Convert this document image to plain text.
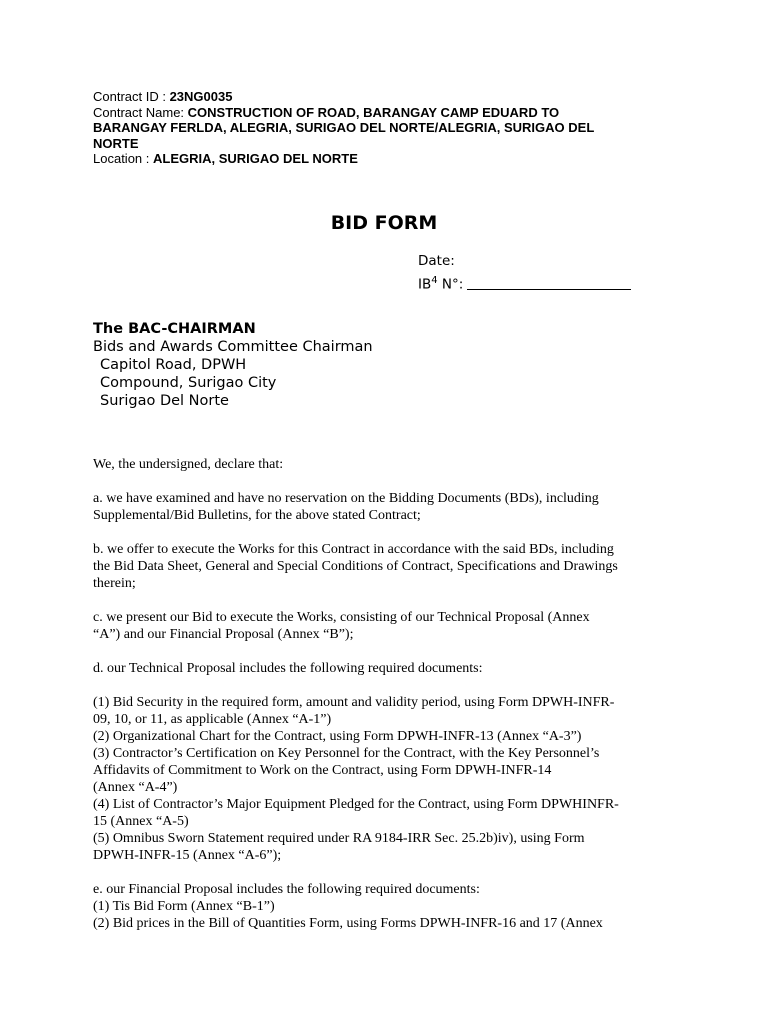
Contract ID : 23NG0035
Contract Name: CONSTRUCTION OF ROAD, BARANGAY CAMP EDUARD TO
BARANGAY FERLDA, ALEGRIA, SURIGAO DEL NORTE/ALEGRIA, SURIGAO DEL
NORTE
Location : ALEGRIA, SURIGAO DEL NORTE
BID FORM
Date:
$IB^4$ N°:
The BAC-CHAIRMAN
Bids and Awards Committee Chairman
Capitol Road, DPWH
Compound, Surigao City
Surigao Del Norte

We, the undersigned, declare that:

a. we have examined and have no reservation on the Bidding Documents (BDs), including
Supplemental/Bid Bulletins, for the above stated Contract;

b. we offer to execute the Works for this Contract in accordance with the said BDs, including
the Bid Data Sheet, General and Special Conditions of Contract, Specifications and Drawings
therein;

c. we present our Bid to execute the Works, consisting of our Technical Proposal (Annex
“A”) and our Financial Proposal (Annex “B”);

d. our Technical Proposal includes the following required documents:

(1) Bid Security in the required form, amount and validity period, using Form DPWH-INFR-
09, 10, or 11, as applicable (Annex “A-1”)
(2) Organizational Chart for the Contract, using Form DPWH-INFR-13 (Annex “A-3”)
(3) Contractor’s Certification on Key Personnel for the Contract, with the Key Personnel’s
Affidavits of Commitment to Work on the Contract, using Form DPWH-INFR-14
(Annex “A-4”)
(4) List of Contractor’s Major Equipment Pledged for the Contract, using Form DPWHINFR-
15 (Annex “A-5)
(5) Omnibus Sworn Statement required under RA 9184-IRR Sec. 25.2b)iv), using Form
DPWH-INFR-15 (Annex “A-6”);

e. our Financial Proposal includes the following required documents:
(1) Tis Bid Form (Annex “B-1”)
(2) Bid prices in the Bill of Quantities Form, using Forms DPWH-INFR-16 and 17 (Annex
